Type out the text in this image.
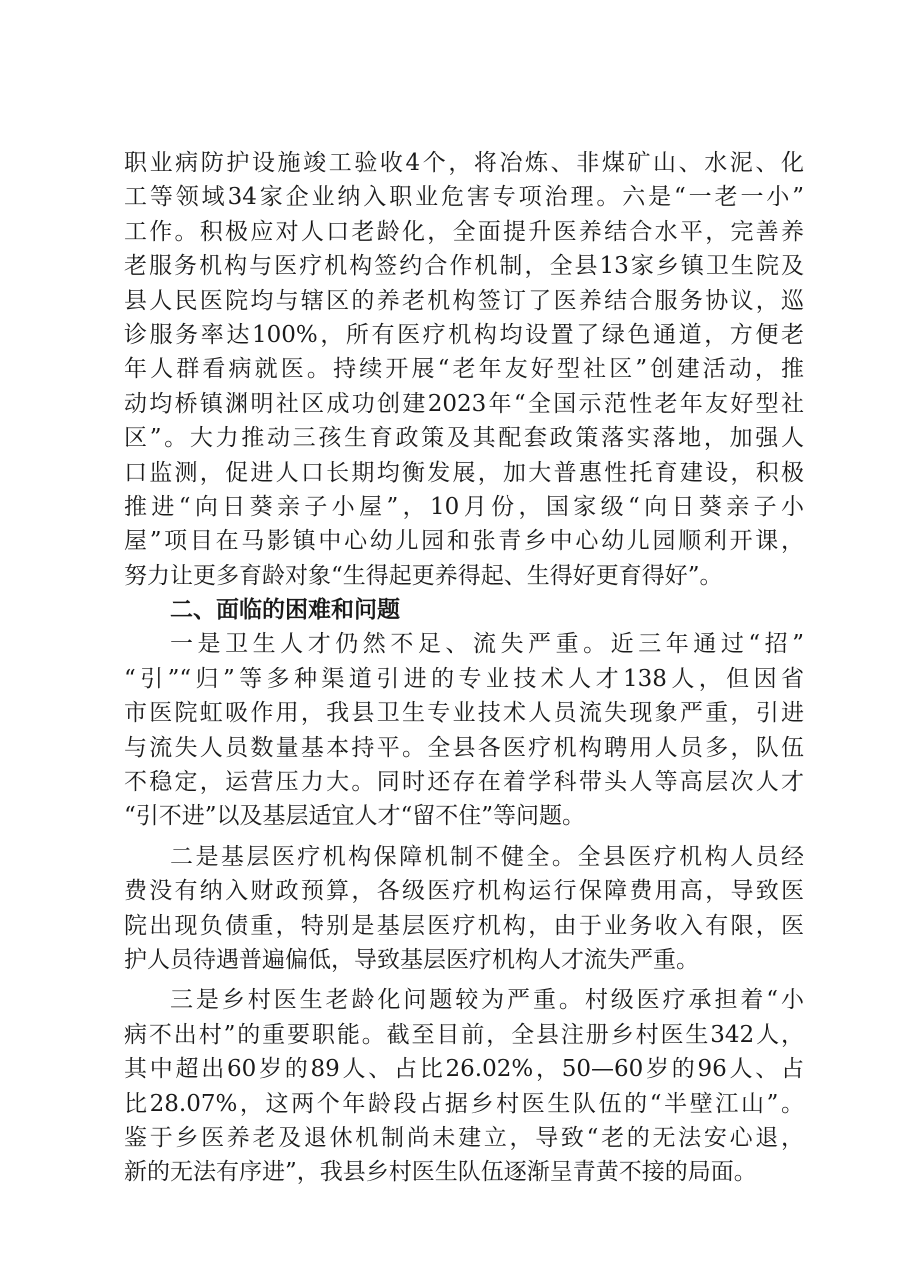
职业病防护设施竣工验收4个，将冶炼、非煤矿山、水泥、化
工等领域34家企业纳入职业危害专项治理。六是“一老一小”
工作。积极应对人口老龄化，全面提升医养结合水平，完善养
老服务机构与医疗机构签约合作机制，全县13家乡镇卫生院及
县人民医院均与辖区的养老机构签订了医养结合服务协议，巡
诊服务率达100%，所有医疗机构均设置了绿色通道，方便老
年人群看病就医。持续开展“老年友好型社区”创建活动，推
动均桥镇渊明社区成功创建2023年“全国示范性老年友好型社
区”。大力推动三孩生育政策及其配套政策落实落地，加强人
口监测，促进人口长期均衡发展，加大普惠性托育建设，积极
推进“向日葵亲子小屋”，10月份，国家级“向日葵亲子小
屋”项目在马影镇中心幼儿园和张青乡中心幼儿园顺利开课，
努力让更多育龄对象“生得起更养得起、生得好更育得好”。
二、面临的困难和问题
一是卫生人才仍然不足、流失严重。近三年通过“招”
“引”“归”等多种渠道引进的专业技术人才138人，但因省
市医院虹吸作用，我县卫生专业技术人员流失现象严重，引进
与流失人员数量基本持平。全县各医疗机构聘用人员多，队伍
不稳定，运营压力大。同时还存在着学科带头人等高层次人才
“引不进”以及基层适宜人才“留不住”等问题。
二是基层医疗机构保障机制不健全。全县医疗机构人员经
费没有纳入财政预算，各级医疗机构运行保障费用高，导致医
院出现负债重，特别是基层医疗机构，由于业务收入有限，医
护人员待遇普遍偏低，导致基层医疗机构人才流失严重。
三是乡村医生老龄化问题较为严重。村级医疗承担着“小
病不出村”的重要职能。截至目前，全县注册乡村医生342人，
其中超出60岁的89人、占比26.02%，50—60岁的96人、占
比28.07%，这两个年龄段占据乡村医生队伍的“半壁江山”。
鉴于乡医养老及退休机制尚未建立，导致“老的无法安心退，
新的无法有序进”，我县乡村医生队伍逐渐呈青黄不接的局面。
